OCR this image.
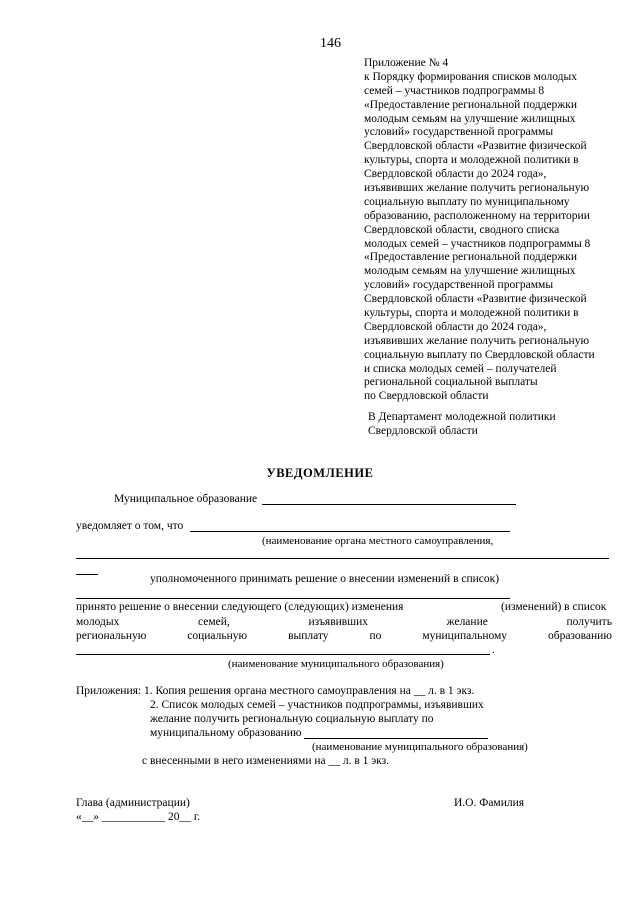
146
Приложение № 4
к Порядку формирования списков молодых
семей – участников подпрограммы 8
«Предоставление региональной поддержки
молодым семьям на улучшение жилищных
условий» государственной программы
Свердловской области «Развитие физической
культуры, спорта и молодежной политики в
Свердловской области до 2024 года»,
изъявивших желание получить региональную
социальную выплату по муниципальному
образованию, расположенному на территории
Свердловской области, сводного списка
молодых семей – участников подпрограммы 8
«Предоставление региональной поддержки
молодым семьям на улучшение жилищных
условий» государственной программы
Свердловской области «Развитие физической
культуры, спорта и молодежной политики в
Свердловской области до 2024 года»,
изъявивших желание получить региональную
социальную выплату по Свердловской области
и списка молодых семей – получателей
региональной социальной выплаты
по Свердловской области
В Департамент молодежной политики
Свердловской области
УВЕДОМЛЕНИЕ
Муниципальное образование
уведомляет о том, что
(наименование органа местного самоуправления,
уполномоченного принимать решение о внесении изменений в список)
принято решение о внесении следующего (следующих) изменения	(изменений) в список
молодых	семей,	изъявивших	желание	получить
региональную	социальную	выплату	по	муниципальному	образованию
.
(наименование муниципального образования)
Приложения: 1. Копия решения органа местного самоуправления на __ л. в 1 экз.
2. Список молодых семей – участников подпрограммы, изъявивших
желание получить региональную социальную выплату по
муниципальному образованию
(наименование муниципального образования)
с внесенными в него изменениями на __ л. в 1 экз.
Глава (администрации)	И.О. Фамилия
«__» ___________ 20__ г.
